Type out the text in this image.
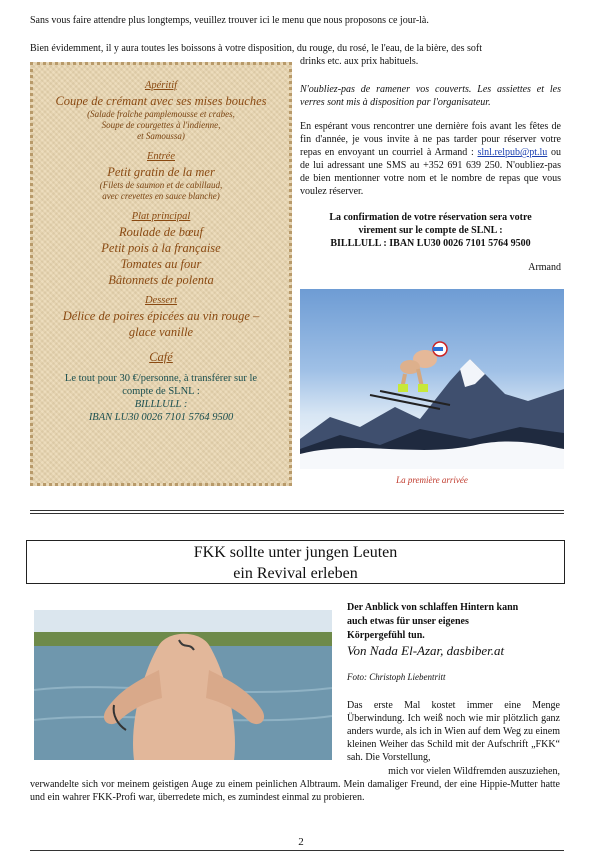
Sans vous faire attendre plus longtemps, veuillez trouver ici le menu que nous proposons ce jour-là.
Bien évidemment, il y aura toutes les boissons à votre disposition, du rouge, du rosé, le l'eau, de la bière, des soft
drinks etc. aux prix habituels.
Apéritif
Coupe de crémant avec ses mises bouches
(Salade fraîche pamplemousse et crabes,
Soupe de courgettes à l'indienne,
et Samoussa)
Entrée
Petit gratin de la mer
(Filets de saumon et de cabillaud,
avec crevettes en sauce blanche)
Plat principal
Roulade de bœuf
Petit pois à la française
Tomates au four
Bâtonnets de polenta
Dessert
Délice de poires épicées au vin rouge –
glace vanille
Café
Le tout pour 30 €/personne, à transférer sur le
compte de SLNL :
BILLLULL :
IBAN LU30 0026 7101 5764 9500
N'oubliez-pas de ramener vos couverts. Les assiettes et les verres sont mis à disposition par l'organisateur.
En espérant vous rencontrer une dernière fois avant les fêtes de fin d'année, je vous invite à ne pas tarder pour réserver votre repas en envoyant un courriel à Armand : slnl.relpub@pt.lu ou de lui adressant une SMS au +352 691 639 250. N'oubliez-pas de bien mentionner votre nom et le nombre de repas que vous voulez réserver.
La confirmation de votre réservation sera votre
virement sur le compte de SLNL :
BILLLULL : IBAN LU30 0026 7101 5764 9500
Armand
La première arrivée
FKK sollte unter jungen Leuten
ein Revival erleben
Der Anblick von schlaffen Hintern kann
auch etwas für unser eigenes
Körpergefühl tun.
Von Nada El-Azar, dasbiber.at
Foto: Christoph Liebentritt
Das erste Mal kostet immer eine Menge Überwindung. Ich weiß noch wie mir plötzlich ganz anders wurde, als ich in Wien auf dem Weg zu einem kleinen Weiher das Schild mit der Aufschrift „FKK“ sah. Die Vorstellung,
mich vor vielen Wildfremden auszuziehen,
verwandelte sich vor meinem geistigen Auge zu einem peinlichen Albtraum. Mein damaliger Freund, der eine Hippie-Mutter hatte und ein wahrer FKK-Profi war, überredete mich, es zumindest einmal zu probieren.
2
